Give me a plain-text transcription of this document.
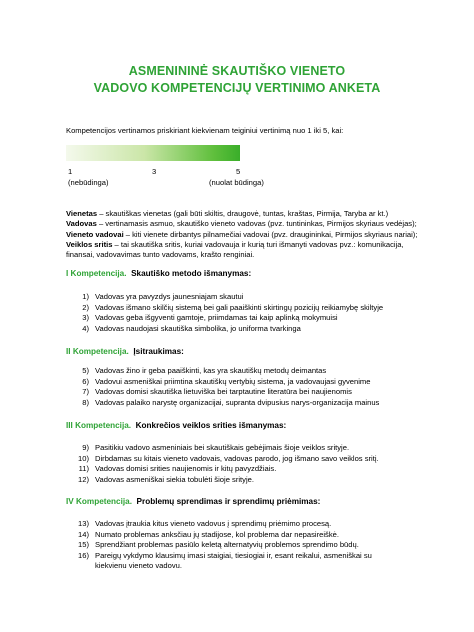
ASMENININĖ SKAUTIŠKO VIENETO
VADOVO KOMPETENCIJŲ VERTINIMO ANKETA
Kompetencijos vertinamos priskiriant kiekvienam teiginiui vertinimą nuo 1 iki 5, kai:
1	3	5
(nebūdinga)	(nuolat būdinga)
Vienetas – skautiškas vienetas (gali būti skiltis, draugovė, tuntas, kraštas, Pirmija, Taryba ar kt.)
Vadovas – vertinamasis asmuo, skautiško vieneto vadovas (pvz. tuntininkas, Pirmijos skyriaus vedėjas);
Vieneto vadovai – kiti vienete dirbantys pilnamečiai vadovai (pvz. draugininkai, Pirmijos skyriaus nariai);
Veiklos sritis – tai skautiška sritis, kuriai vadovauja ir kurią turi išmanyti vadovas pvz.: komunikacija,
finansai, vadovavimas tunto vadovams, krašto renginiai.
I Kompetencija. Skautiško metodo išmanymas:
1) Vadovas yra pavyzdys jaunesniajam skautui
2) Vadovas išmano skilčių sistemą bei gali paaiškinti skirtingų pozicijų reikiamybę skiltyje
3) Vadovas geba išgyventi gamtoje, priimdamas tai kaip aplinką mokymuisi
4) Vadovas naudojasi skautiška simbolika, jo uniforma tvarkinga
II Kompetencija. Įsitraukimas:
5) Vadovas žino ir geba paaiškinti, kas yra skautiškų metodų deimantas
6) Vadovui asmeniškai priimtina skautiškų vertybių sistema, ja vadovaujasi gyvenime
7) Vadovas domisi skautiška lietuviška bei tarptautine literatūra bei naujienomis
8) Vadovas palaiko narystę organizacijai, supranta dvipusius narys-organizacija mainus
III Kompetencija. Konkrečios veiklos srities išmanymas:
9) Pasitikiu vadovo asmeniniais bei skautiškais gebėjimais šioje veiklos srityje.
10) Dirbdamas su kitais vieneto vadovais, vadovas parodo, jog išmano savo veiklos sritį.
11) Vadovas domisi srities naujienomis ir kitų pavyzdžiais.
12) Vadovas asmeniškai siekia tobulėti šioje srityje.
IV Kompetencija. Problemų sprendimas ir sprendimų priėmimas:
13) Vadovas įtraukia kitus vieneto vadovus į sprendimų priėmimo procesą.
14) Numato problemas anksčiau jų stadijose, kol problema dar nepasireiškė.
15) Sprendžiant problemas pasiūlo keletą alternatyvių problemos sprendimo būdų.
16) Pareigų vykdymo klausimų imasi staigiai, tiesiogiai ir, esant reikalui, asmeniškai su kiekvienu vieneto vadovu.
